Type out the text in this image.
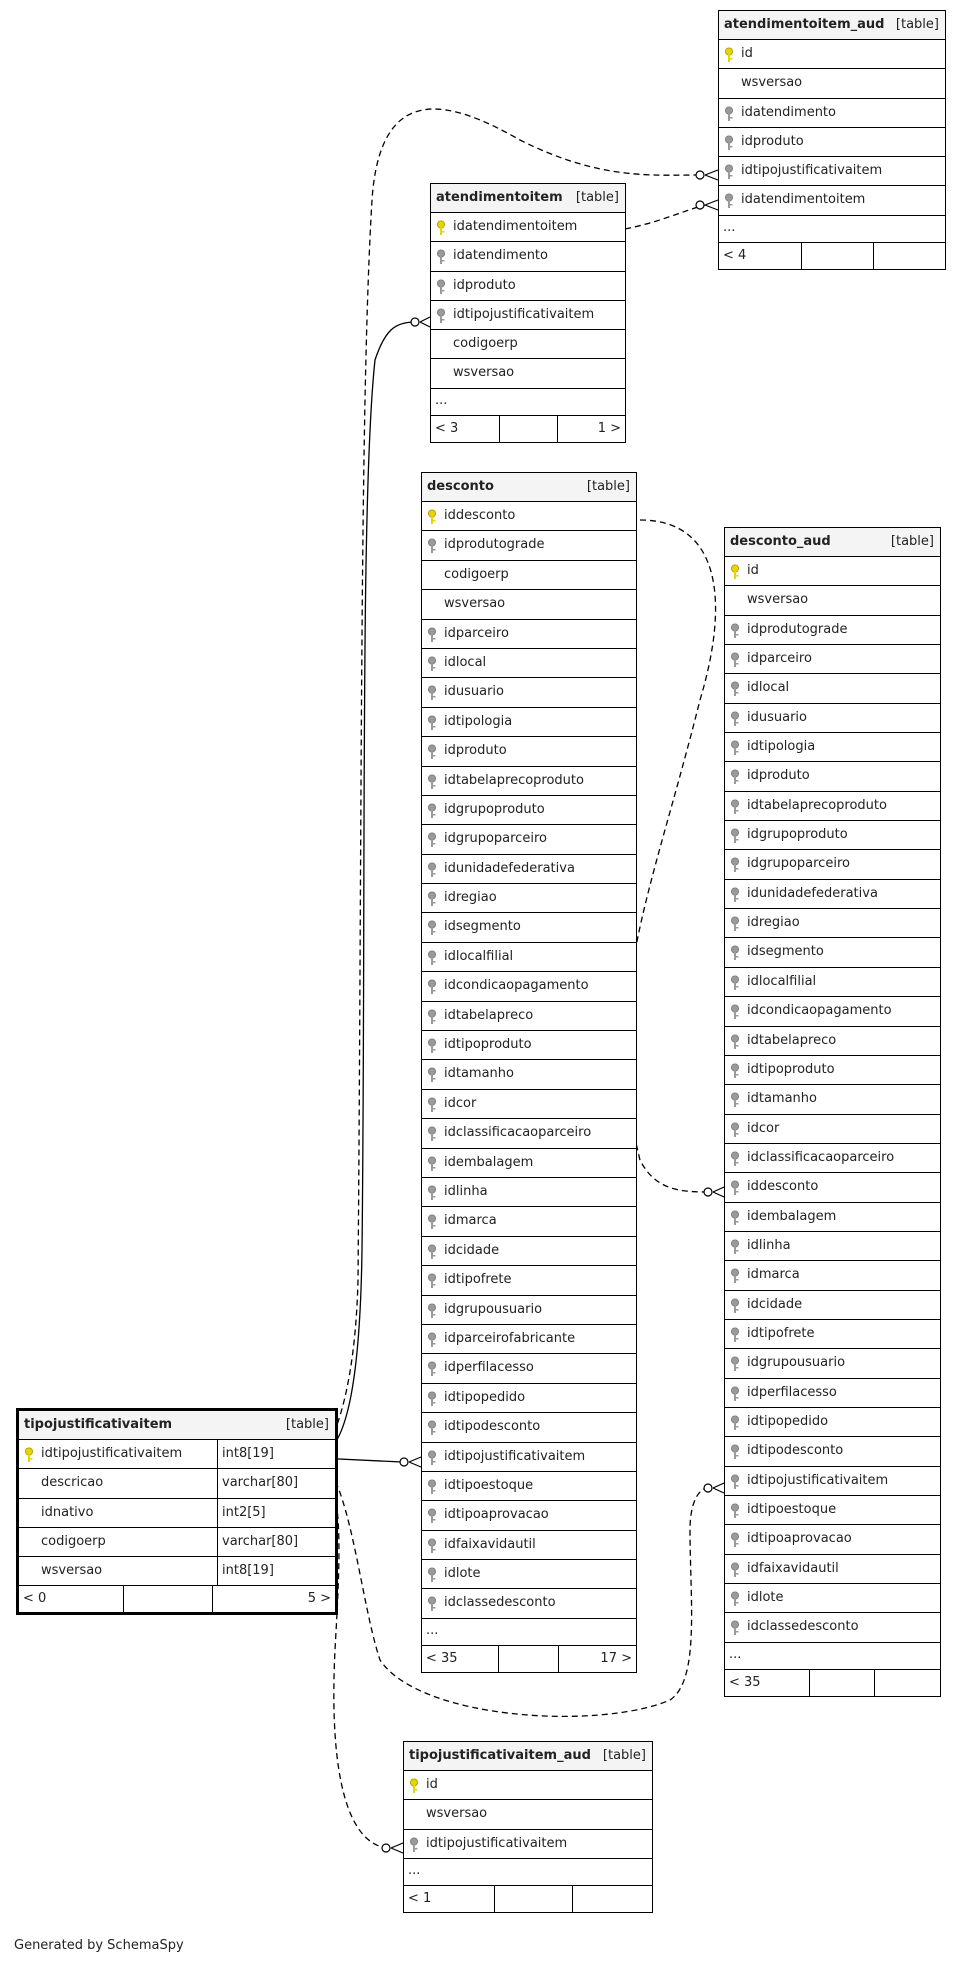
atendimentoitem_aud [table]
id
wsversao
idatendimento
idproduto
idtipojustificativaitem
idatendimentoitem
...
< 4
atendimentoitem [table]
idatendimentoitem
idatendimento
idproduto
idtipojustificativaitem
codigoerp
wsversao
...
< 3	1 >
desconto	[table]
iddesconto
idprodutograde
codigoerp
wsversao
idparceiro
idlocal
idusuario
idtipologia
idproduto
idtabelaprecoproduto
idgrupoproduto
idgrupoparceiro
idunidadefederativa
idregiao
idsegmento
idlocalfilial
idcondicaopagamento
idtabelapreco
idtipoproduto
idtamanho
idcor
idclassificacaoparceiro
idembalagem
idlinha
idmarca
idcidade
idtipofrete
idgrupousuario
idparceirofabricante
idperfilacesso
idtipopedido
idtipodesconto
idtipojustificativaitem
idtipoestoque
idtipoaprovacao
idfaixavidautil
idlote
idclassedesconto
...
< 35	17 >
desconto_aud	[table]
id
wsversao
idprodutograde
idparceiro
idlocal
idusuario
idtipologia
idproduto
idtabelaprecoproduto
idgrupoproduto
idgrupoparceiro
idunidadefederativa
idregiao
idsegmento
idlocalfilial
idcondicaopagamento
idtabelapreco
idtipoproduto
idtamanho
idcor
idclassificacaoparceiro
iddesconto
idembalagem
idlinha
idmarca
idcidade
idtipofrete
idgrupousuario
idperfilacesso
idtipopedido
idtipodesconto
idtipojustificativaitem
idtipoestoque
idtipoaprovacao
idfaixavidautil
idlote
idclassedesconto
...
< 35
tipojustificativaitem	[table]
idtipojustificativaitem	int8[19]
descricao	varchar[80]
idnativo	int2[5]
codigoerp	varchar[80]
wsversao	int8[19]
< 0	5 >
tipojustificativaitem_aud [table]
id
wsversao
idtipojustificativaitem
...
< 1
Generated by SchemaSpy
